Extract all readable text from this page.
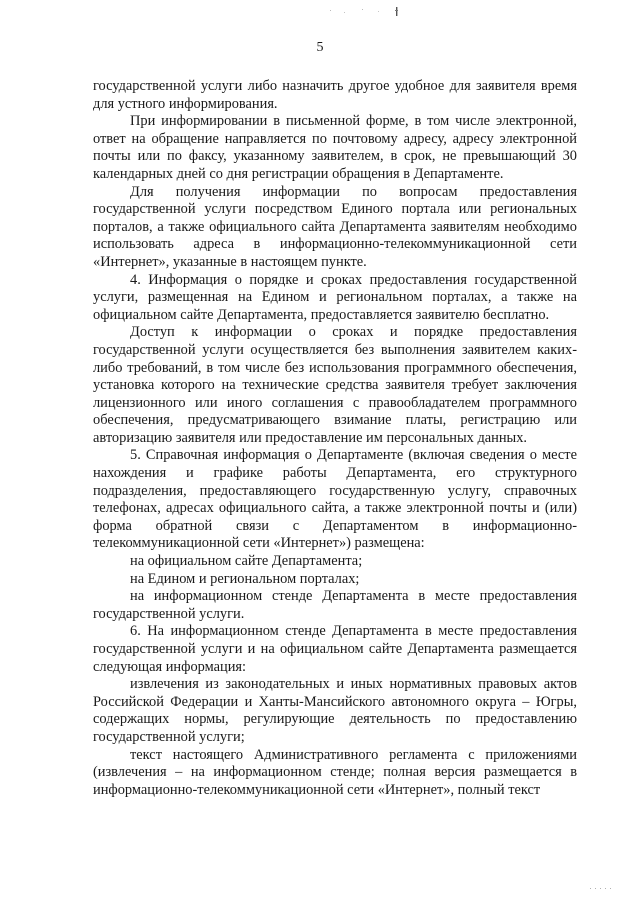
5

государственной услуги либо назначить другое удобное для заявителя время для устного информирования.

При информировании в письменной форме, в том числе электронной, ответ на обращение направляется по почтовому адресу, адресу электронной почты или по факсу, указанному заявителем, в срок, не превышающий 30 календарных дней со дня регистрации обращения в Департаменте.

Для получения информации по вопросам предоставления государственной услуги посредством Единого портала или региональных порталов, а также официального сайта Департамента заявителям необходимо использовать адреса в информационно-телекоммуникационной сети «Интернет», указанные в настоящем пункте.

4. Информация о порядке и сроках предоставления государственной услуги, размещенная на Едином и региональном порталах, а также на официальном сайте Департамента, предоставляется заявителю бесплатно.

Доступ к информации о сроках и порядке предоставления государственной услуги осуществляется без выполнения заявителем каких-либо требований, в том числе без использования программного обеспечения, установка которого на технические средства заявителя требует заключения лицензионного или иного соглашения с правообладателем программного обеспечения, предусматривающего взимание платы, регистрацию или авторизацию заявителя или предоставление им персональных данных.

5. Справочная информация о Департаменте (включая сведения о месте нахождения и графике работы Департамента, его структурного подразделения, предоставляющего государственную услугу, справочных телефонах, адресах официального сайта, а также электронной почты и (или) форма обратной связи с Департаментом в информационно-телекоммуникационной сети «Интернет») размещена:

на официальном сайте Департамента;

на Едином и региональном порталах;

на информационном стенде Департамента в месте предоставления государственной услуги.

6. На информационном стенде Департамента в месте предоставления государственной услуги и на официальном сайте Департамента размещается следующая информация:

извлечения из законодательных и иных нормативных правовых актов Российской Федерации и Ханты-Мансийского автономного округа – Югры, содержащих нормы, регулирующие деятельность по предоставлению государственной услуги;

текст настоящего Административного регламента с приложениями (извлечения – на информационном стенде; полная версия размещается в информационно-телекоммуникационной сети «Интернет», полный текст
